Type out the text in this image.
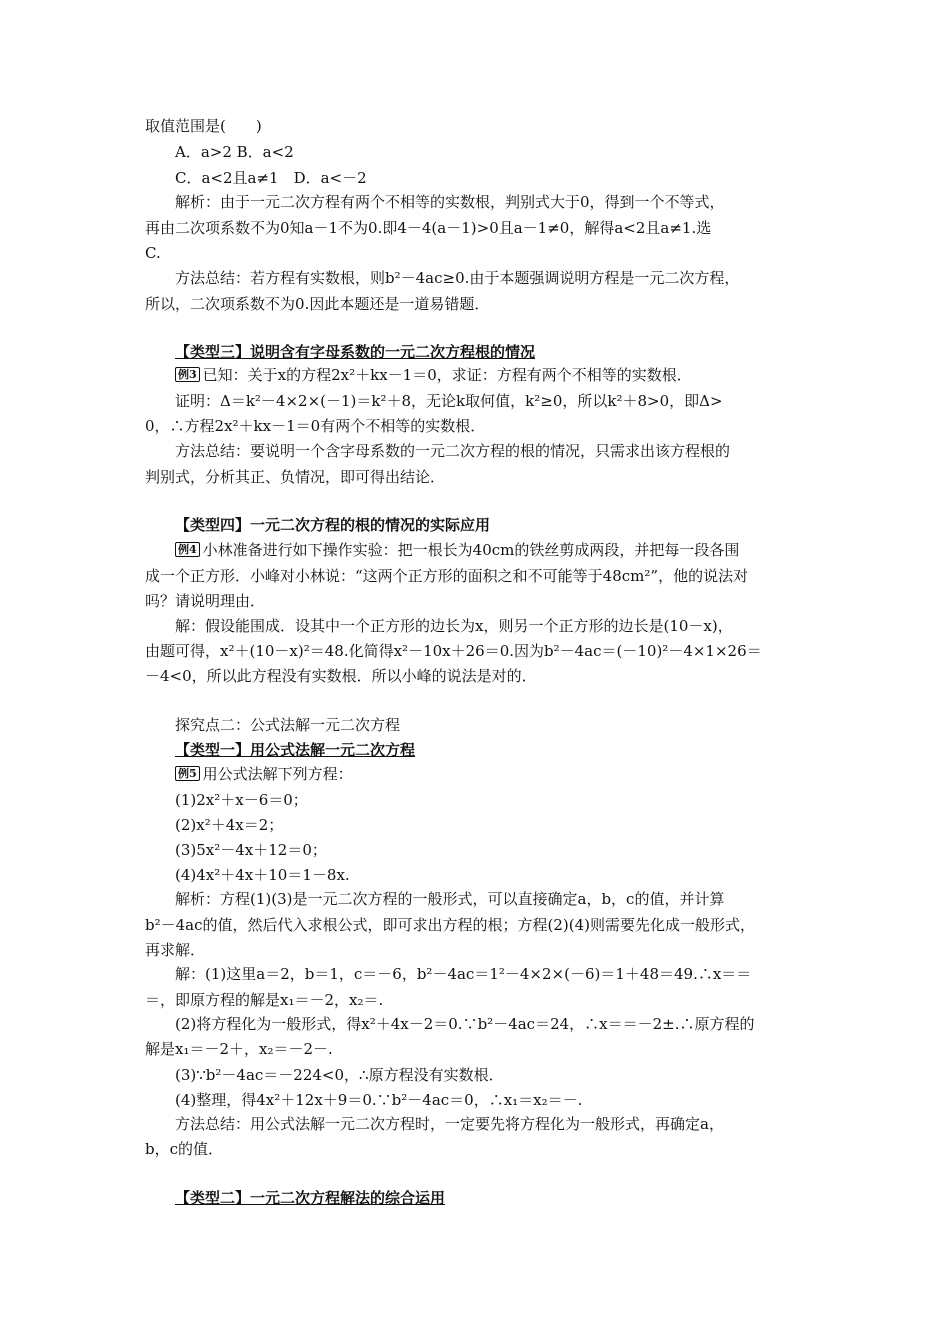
取值范围是(　　)
A．a>2 B．a<2
C．a<2且a≠1　D．a<－2
解析：由于一元二次方程有两个不相等的实数根，判别式大于0，得到一个不等式，
再由二次项系数不为0知a－1不为0.即4－4(a－1)>0且a－1≠0，解得a<2且a≠1.选
C.
方法总结：若方程有实数根，则b²－4ac≥0.由于本题强调说明方程是一元二次方程，
所以，二次项系数不为0.因此本题还是一道易错题．
【类型三】说明含有字母系数的一元二次方程根的情况
例3 已知：关于x的方程2x²＋kx－1＝0，求证：方程有两个不相等的实数根．
证明：Δ＝k²－4×2×(－1)＝k²＋8，无论k取何值，k²≥0，所以k²＋8>0，即Δ>
0，∴方程2x²＋kx－1＝0有两个不相等的实数根．
方法总结：要说明一个含字母系数的一元二次方程的根的情况，只需求出该方程根的
判别式，分析其正、负情况，即可得出结论．
【类型四】一元二次方程的根的情况的实际应用
例4 小林准备进行如下操作实验：把一根长为40cm的铁丝剪成两段，并把每一段各围
成一个正方形．小峰对小林说：“这两个正方形的面积之和不可能等于48cm²”，他的说法对
吗？请说明理由．
解：假设能围成．设其中一个正方形的边长为x，则另一个正方形的边长是(10－x)，
由题可得，x²＋(10－x)²＝48.化简得x²－10x＋26＝0.因为b²－4ac＝(－10)²－4×1×26＝
－4<0，所以此方程没有实数根．所以小峰的说法是对的．
探究点二：公式法解一元二次方程
【类型一】用公式法解一元二次方程
例5 用公式法解下列方程：
(1)2x²＋x－6＝0；
(2)x²＋4x＝2；
(3)5x²－4x＋12＝0；
(4)4x²＋4x＋10＝1－8x.
解析：方程(1)(3)是一元二次方程的一般形式，可以直接确定a，b，c的值，并计算
b²－4ac的值，然后代入求根公式，即可求出方程的根；方程(2)(4)则需要先化成一般形式，
再求解．
解：(1)这里a＝2，b＝1，c＝－6，b²－4ac＝1²－4×2×(－6)＝1＋48＝49.∴x＝＝
＝，即原方程的解是x₁＝－2，x₂＝.
(2)将方程化为一般形式，得x²＋4x－2＝0.∵b²－4ac＝24，∴x＝＝－2±.∴原方程的
解是x₁＝－2＋，x₂＝－2－.
(3)∵b²－4ac＝－224<0，∴原方程没有实数根．
(4)整理，得4x²＋12x＋9＝0.∵b²－4ac＝0，∴x₁＝x₂＝－.
方法总结：用公式法解一元二次方程时，一定要先将方程化为一般形式，再确定a，
b，c的值．
【类型二】一元二次方程解法的综合运用
